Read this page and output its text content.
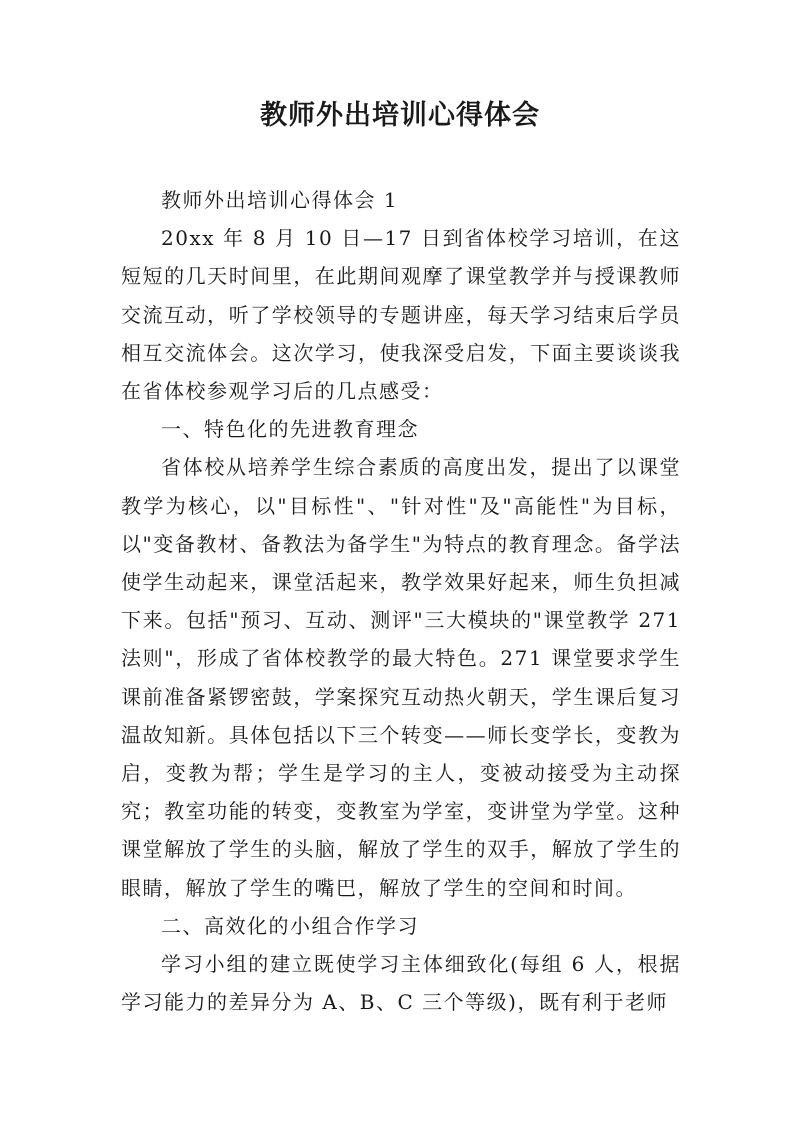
教师外出培训心得体会

教师外出培训心得体会 1

20xx 年 8 月 10 日—17 日到省体校学习培训，在这短短的几天时间里，在此期间观摩了课堂教学并与授课教师交流互动，听了学校领导的专题讲座，每天学习结束后学员相互交流体会。这次学习，使我深受启发，下面主要谈谈我在省体校参观学习后的几点感受：

一、特色化的先进教育理念

省体校从培养学生综合素质的高度出发，提出了以课堂教学为核心，以"目标性"、"针对性"及"高能性"为目标，以"变备教材、备教法为备学生"为特点的教育理念。备学法使学生动起来，课堂活起来，教学效果好起来，师生负担减下来。包括"预习、互动、测评"三大模块的"课堂教学 271 法则"，形成了省体校教学的最大特色。271 课堂要求学生课前准备紧锣密鼓，学案探究互动热火朝天，学生课后复习温故知新。具体包括以下三个转变——师长变学长，变教为启，变教为帮；学生是学习的主人，变被动接受为主动探究；教室功能的转变，变教室为学室，变讲堂为学堂。这种课堂解放了学生的头脑，解放了学生的双手，解放了学生的眼睛，解放了学生的嘴巴，解放了学生的空间和时间。

二、高效化的小组合作学习

学习小组的建立既使学习主体细致化(每组 6 人，根据学习能力的差异分为 A、B、C 三个等级)，既有利于老师
